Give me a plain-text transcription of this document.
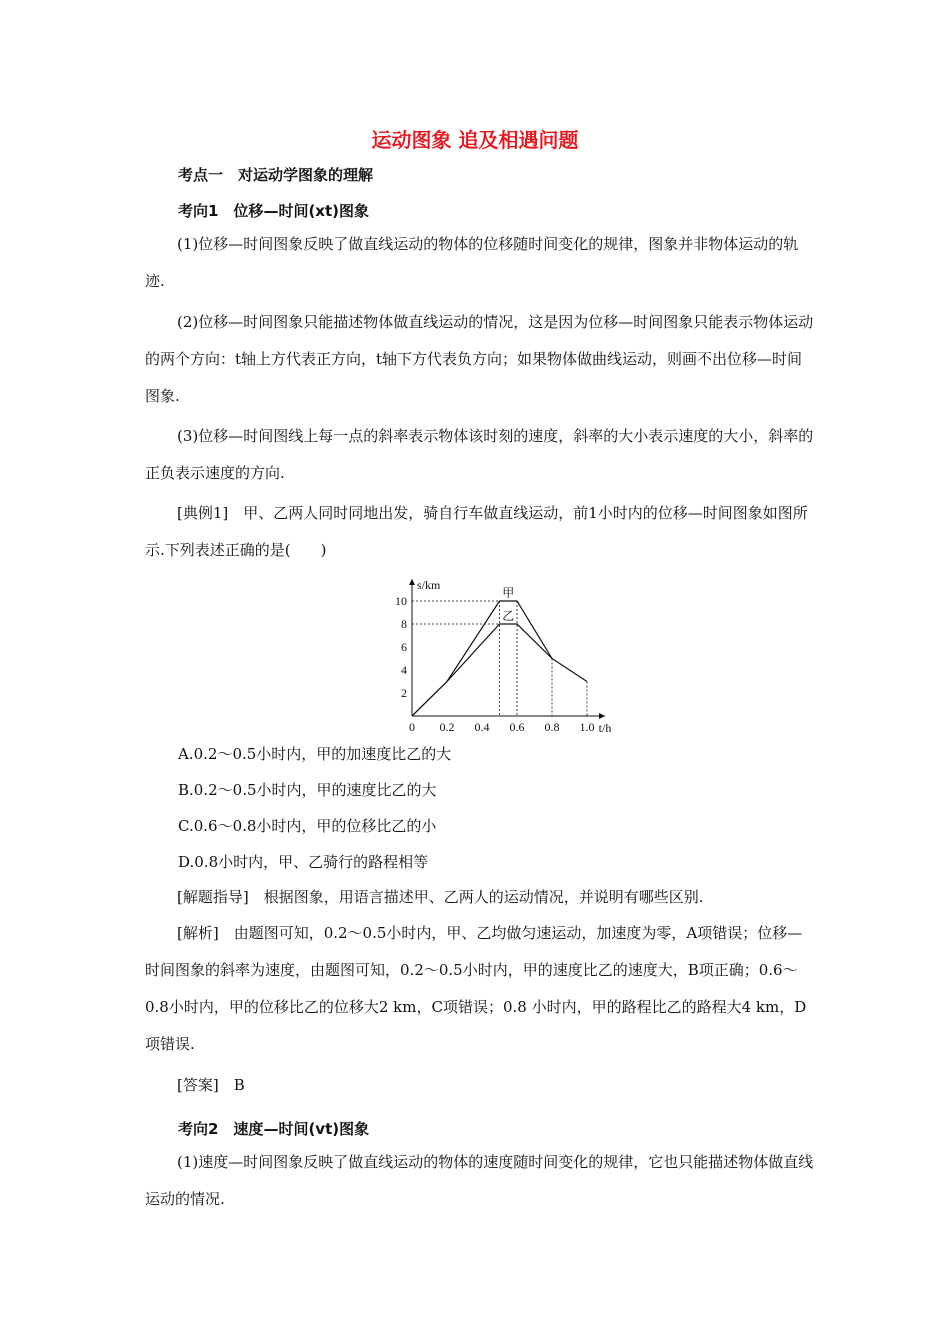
运动图象 追及相遇问题
考点一　对运动学图象的理解
考向1　位移—时间(xt)图象

(1)位移—时间图象反映了做直线运动的物体的位移随时间变化的规律，图象并非物体运动的轨迹.

(2)位移—时间图象只能描述物体做直线运动的情况，这是因为位移—时间图象只能表示物体运动的两个方向：t轴上方代表正方向，t轴下方代表负方向；如果物体做曲线运动，则画不出位移—时间图象.

(3)位移—时间图线上每一点的斜率表示物体该时刻的速度，斜率的大小表示速度的大小，斜率的正负表示速度的方向.

[典例1]　甲、乙两人同时同地出发，骑自行车做直线运动，前1小时内的位移—时间图象如图所示.下列表述正确的是(　　)

s/km
t/h
0 0.2 0.4 0.6 0.8 1.0
2
4
6
8
10
甲
乙
A.0.2～0.5小时内，甲的加速度比乙的大
B.0.2～0.5小时内，甲的速度比乙的大
C.0.6～0.8小时内，甲的位移比乙的小
D.0.8小时内，甲、乙骑行的路程相等

[解题指导]　根据图象，用语言描述甲、乙两人的运动情况，并说明有哪些区别.

[解析]　由题图可知，0.2～0.5小时内，甲、乙均做匀速运动，加速度为零，A项错误；位移—时间图象的斜率为速度，由题图可知，0.2～0.5小时内，甲的速度比乙的速度大，B项正确；0.6～0.8小时内，甲的位移比乙的位移大2 km，C项错误；0.8 小时内，甲的路程比乙的路程大4 km，D项错误.

[答案]　B

考向2　速度—时间(vt)图象

(1)速度—时间图象反映了做直线运动的物体的速度随时间变化的规律，它也只能描述物体做直线运动的情况.
